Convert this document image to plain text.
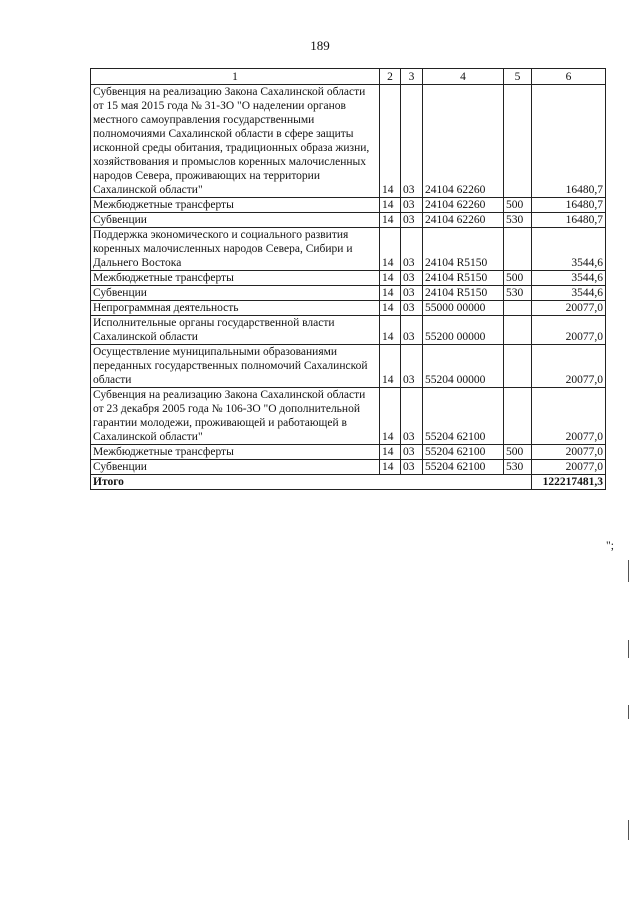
189
1	2	3	4	5	6
Субвенция на реализацию Закона Сахалинской области от 15 мая 2015 года № 31-ЗО "О наделении органов местного самоуправления государственными полномочиями Сахалинской области в сфере защиты исконной среды обитания, традиционных образа жизни, хозяйствования и промыслов коренных малочисленных народов Севера, проживающих на территории Сахалинской области"	14	03	24104 62260		16480,7
Межбюджетные трансферты	14	03	24104 62260	500	16480,7
Субвенции	14	03	24104 62260	530	16480,7
Поддержка экономического и социального развития коренных малочисленных народов Севера, Сибири и Дальнего Востока	14	03	24104 R5150		3544,6
Межбюджетные трансферты	14	03	24104 R5150	500	3544,6
Субвенции	14	03	24104 R5150	530	3544,6
Непрограммная деятельность	14	03	55000 00000		20077,0
Исполнительные органы государственной власти Сахалинской области	14	03	55200 00000		20077,0
Осуществление муниципальными образованиями переданных государственных полномочий Сахалинской области	14	03	55204 00000		20077,0
Субвенция на реализацию Закона Сахалинской области от 23 декабря 2005 года № 106-ЗО "О дополнительной гарантии молодежи, проживающей и работающей в Сахалинской области"	14	03	55204 62100		20077,0
Межбюджетные трансферты	14	03	55204 62100	500	20077,0
Субвенции	14	03	55204 62100	530	20077,0
Итого					122217481,3
";
